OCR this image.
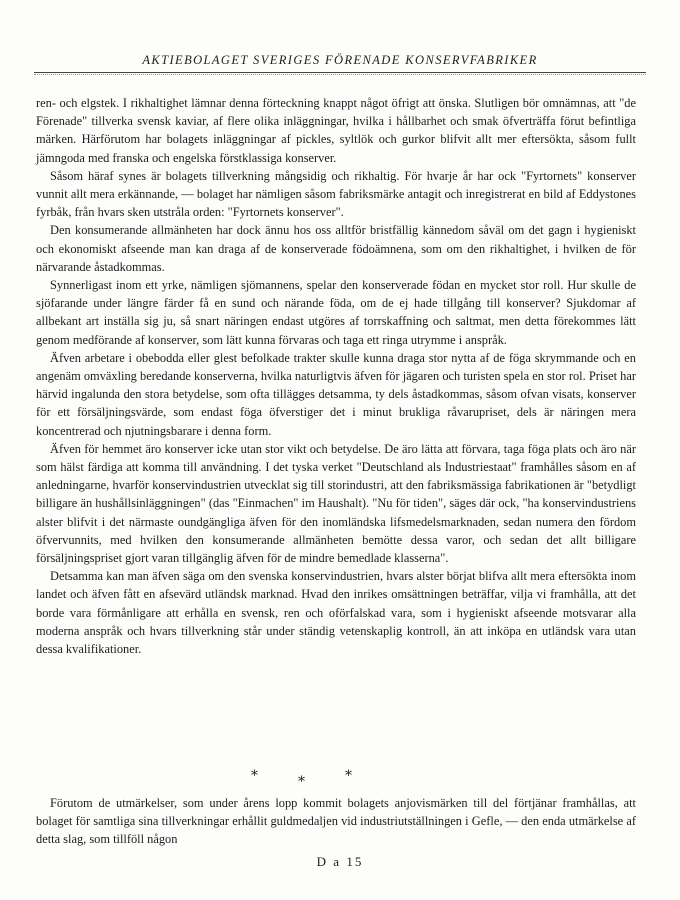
AKTIEBOLAGET SVERIGES FÖRENADE KONSERVFABRIKER

ren- och elgstek. I rikhaltighet lämnar denna förteckning knappt något öfrigt att önska. Slutligen bör omnämnas, att "de Förenade" tillverka svensk kaviar, af flere olika inläggningar, hvilka i hållbarhet och smak öfverträffa förut befintliga märken. Härförutom har bolagets inläggningar af pickles, syltlök och gurkor blifvit allt mer eftersökta, såsom fullt jämngoda med franska och engelska förstklassiga konserver.

Såsom häraf synes är bolagets tillverkning mångsidig och rikhaltig. För hvarje år har ock "Fyrtornets" konserver vunnit allt mera erkännande, — bolaget har nämligen såsom fabriksmärke antagit och inregistrerat en bild af Eddystones fyrbåk, från hvars sken utstråla orden: "Fyrtornets konserver".

Den konsumerande allmänheten har dock ännu hos oss alltför bristfällig kännedom såväl om det gagn i hygieniskt och ekonomiskt afseende man kan draga af de konserverade födoämnena, som om den rikhaltighet, i hvilken de för närvarande åstadkommas.

Synnerligast inom ett yrke, nämligen sjömannens, spelar den konserverade födan en mycket stor roll. Hur skulle de sjöfarande under längre färder få en sund och närande föda, om de ej hade tillgång till konserver? Sjukdomar af allbekant art inställa sig ju, så snart näringen endast utgöres af torrskaffning och saltmat, men detta förekommes lätt genom medförande af konserver, som lätt kunna förvaras och taga ett ringa utrymme i anspråk.

Äfven arbetare i obebodda eller glest befolkade trakter skulle kunna draga stor nytta af de föga skrymmande och en angenäm omväxling beredande konserverna, hvilka naturligtvis äfven för jägaren och turisten spela en stor rol. Priset har härvid ingalunda den stora betydelse, som ofta tillägges detsamma, ty dels åstadkommas, såsom ofvan visats, konserver för ett försäljningsvärde, som endast föga öfverstiger det i minut brukliga råvarupriset, dels är näringen mera koncentrerad och njutningsbarare i denna form.

Äfven för hemmet äro konserver icke utan stor vikt och betydelse. De äro lätta att förvara, taga föga plats och äro när som hälst färdiga att komma till användning. I det tyska verket "Deutschland als Industriestaat" framhålles såsom en af anledningarne, hvarför konservindustrien utvecklat sig till storindustri, att den fabriksmässiga fabrikationen är "betydligt billigare än hushållsinläggningen" (das "Einmachen" im Haushalt). "Nu för tiden", säges där ock, "ha konservindustriens alster blifvit i det närmaste oundgängliga äfven för den inomländska lifsmedelsmarknaden, sedan numera den fördom öfvervunnits, med hvilken den konsumerande allmänheten bemötte dessa varor, och sedan det allt billigare försäljningspriset gjort varan tillgänglig äfven för de mindre bemedlade klasserna".

Detsamma kan man äfven säga om den svenska konservindustrien, hvars alster börjat blifva allt mera eftersökta inom landet och äfven fått en afsevärd utländsk marknad. Hvad den inrikes omsättningen beträffar, vilja vi framhålla, att det borde vara förmånligare att erhålla en svensk, ren och oförfalskad vara, som i hygieniskt afseende motsvarar alla moderna anspråk och hvars tillverkning står under ständig vetenskaplig kontroll, än att inköpa en utländsk vara utan dessa kvalifikationer.

*	*	*

Förutom de utmärkelser, som under årens lopp kommit bolagets anjovismärken till del förtjänar framhållas, att bolaget för samtliga sina tillverkningar erhållit guldmedaljen vid industriutställningen i Gefle, — den enda utmärkelse af detta slag, som tillföll någon

D a 15
